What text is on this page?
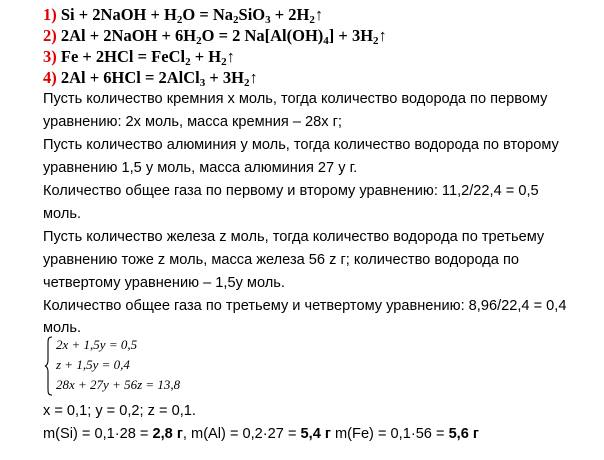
1) Si + 2NaOH + $H_2O = Na_2SiO_3$ + $2H_2↑$
2) 2Al + 2NaOH + $6H_2O = 2$ $Na[Al(OH)_4]$ + $3H_2↑$
3) Fe + 2HCl = FeCl$_2$ + $H_2↑$
4) 2Al + 6HCl = 2AlCl$_3$ + $3H_2↑$
Пусть количество кремния х моль, тогда количество водорода по первому
уравнению: 2х моль, масса кремния – 28х г;
Пусть количество алюминия у моль, тогда количество водорода по второму
уравнению 1,5 у моль, масса алюминия 27 у г.
Количество общее газа по первому и второму уравнению: 11,2/22,4 = 0,5
моль.
Пусть количество железа z моль, тогда количество водорода по третьему
уравнению тоже z моль, масса железа 56 z г; количество водорода по
четвертому уравнению – 1,5у моль.
Количество общее газа по третьему и четвертому уравнению: 8,96/22,4 = 0,4
моль.
2x + 1,5y = 0,5
z + 1,5y = 0,4
28x + 27y + 56z = 13,8
x = 0,1; y = 0,2; z = 0,1.
m(Si) = 0,1·28 = 2,8 г, m(Al) = 0,2·27 = 5,4 г m(Fe) = 0,1·56 = 5,6 г
